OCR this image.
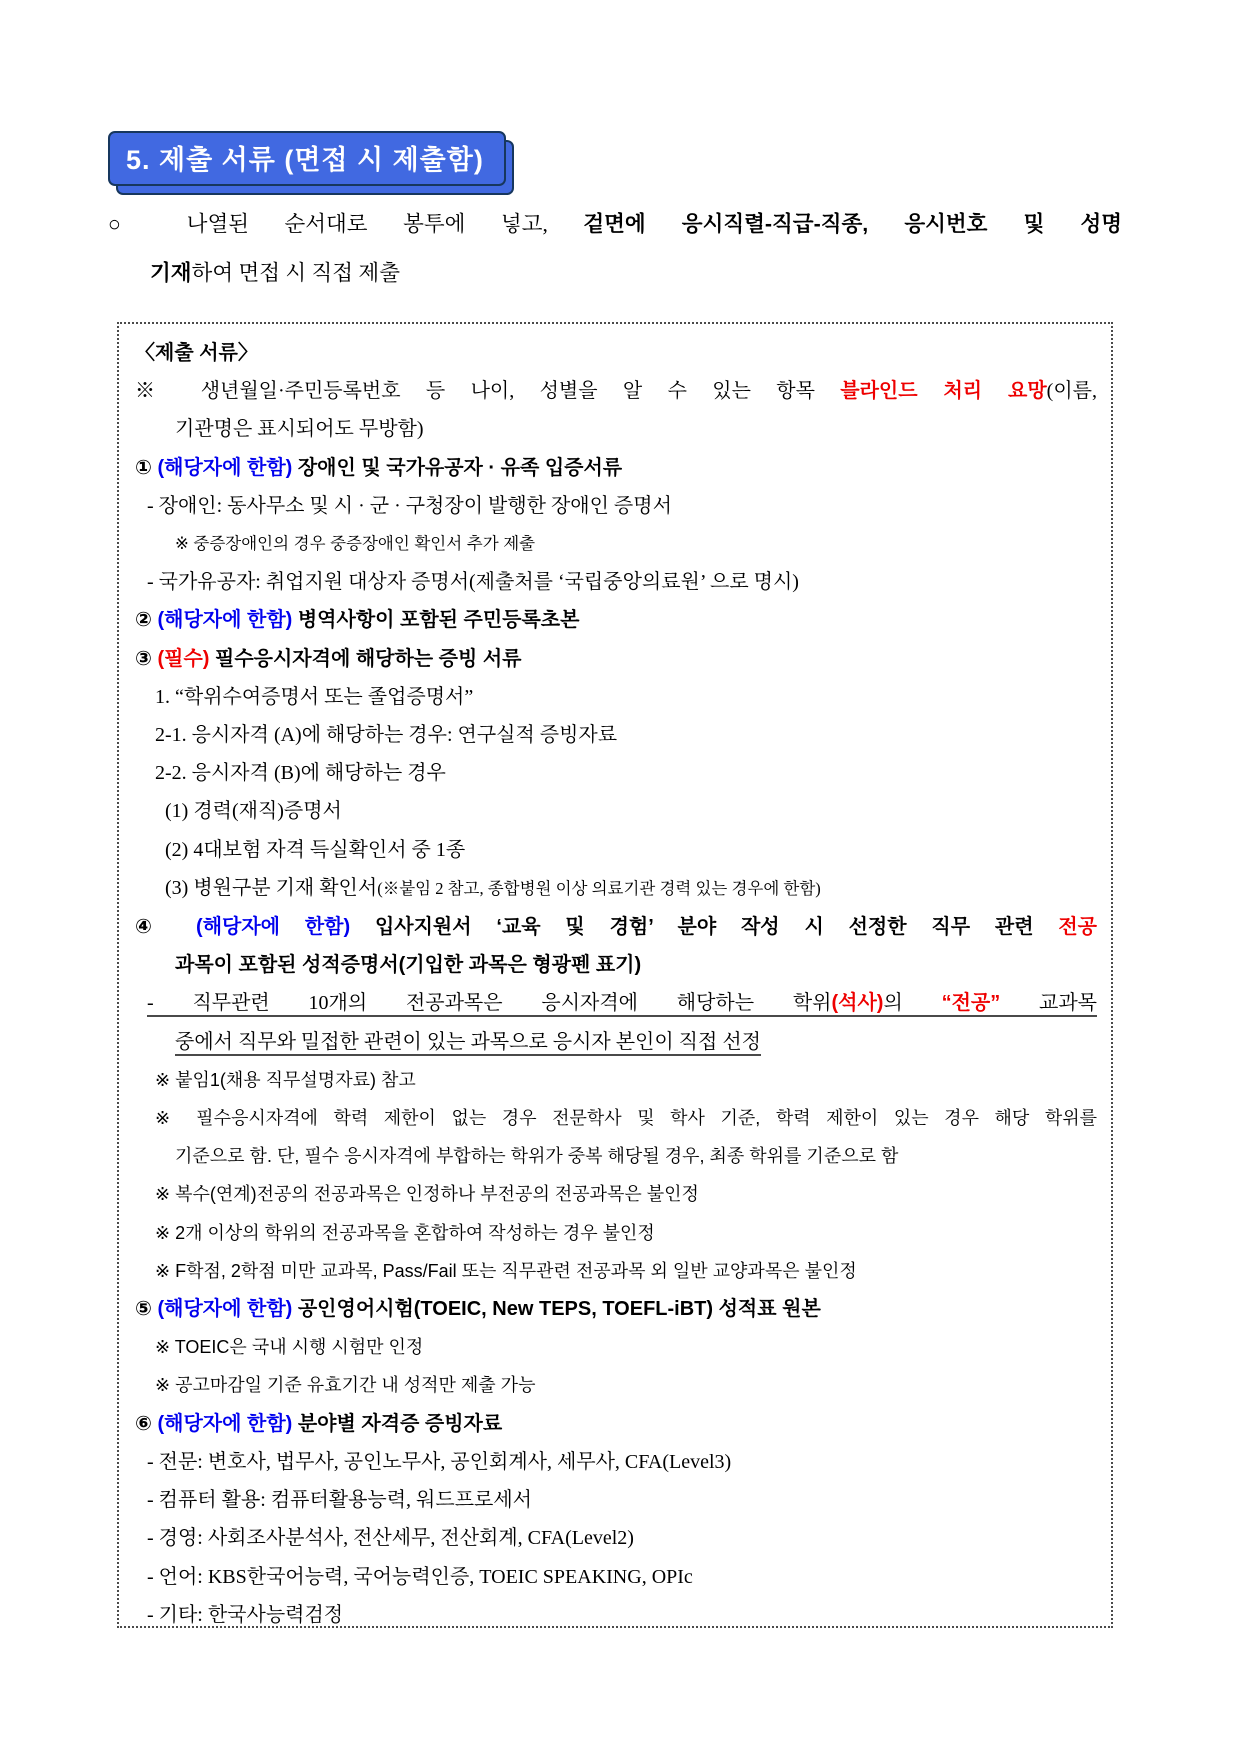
5. 제출 서류 (면접 시 제출함)
○ 나열된 순서대로 봉투에 넣고, 겉면에 응시직렬-직급-직종, 응시번호 및 성명
기재하여 면접 시 직접 제출
〈제출 서류〉
※ 생년월일·주민등록번호 등 나이, 성별을 알 수 있는 항목 블라인드 처리 요망(이름,
기관명은 표시되어도 무방함)
① (해당자에 한함) 장애인 및 국가유공자 · 유족 입증서류
- 장애인: 동사무소 및 시 · 군 · 구청장이 발행한 장애인 증명서
※ 중증장애인의 경우 중증장애인 확인서 추가 제출
- 국가유공자: 취업지원 대상자 증명서(제출처를 ‘국립중앙의료원’ 으로 명시)
② (해당자에 한함) 병역사항이 포함된 주민등록초본
③ (필수) 필수응시자격에 해당하는 증빙 서류
1. “학위수여증명서 또는 졸업증명서”
2-1. 응시자격 (A)에 해당하는 경우: 연구실적 증빙자료
2-2. 응시자격 (B)에 해당하는 경우
(1) 경력(재직)증명서
(2) 4대보험 자격 득실확인서 중 1종
(3) 병원구분 기재 확인서(※붙임 2 참고, 종합병원 이상 의료기관 경력 있는 경우에 한함)
④ (해당자에 한함) 입사지원서 ‘교육 및 경험’ 분야 작성 시 선정한 직무 관련 전공
과목이 포함된 성적증명서(기입한 과목은 형광펜 표기)
- 직무관련 10개의 전공과목은 응시자격에 해당하는 학위(석사)의 “전공” 교과목
중에서 직무와 밀접한 관련이 있는 과목으로 응시자 본인이 직접 선정
※ 붙임1(채용 직무설명자료) 참고
※ 필수응시자격에 학력 제한이 없는 경우 전문학사 및 학사 기준, 학력 제한이 있는 경우 해당 학위를
기준으로 함. 단, 필수 응시자격에 부합하는 학위가 중복 해당될 경우, 최종 학위를 기준으로 함
※ 복수(연계)전공의 전공과목은 인정하나 부전공의 전공과목은 불인정
※ 2개 이상의 학위의 전공과목을 혼합하여 작성하는 경우 불인정
※ F학점, 2학점 미만 교과목, Pass/Fail 또는 직무관련 전공과목 외 일반 교양과목은 불인정
⑤ (해당자에 한함) 공인영어시험(TOEIC, New TEPS, TOEFL-iBT) 성적표 원본
※ TOEIC은 국내 시행 시험만 인정
※ 공고마감일 기준 유효기간 내 성적만 제출 가능
⑥ (해당자에 한함) 분야별 자격증 증빙자료
- 전문: 변호사, 법무사, 공인노무사, 공인회계사, 세무사, CFA(Level3)
- 컴퓨터 활용: 컴퓨터활용능력, 워드프로세서
- 경영: 사회조사분석사, 전산세무, 전산회계, CFA(Level2)
- 언어: KBS한국어능력, 국어능력인증, TOEIC SPEAKING, OPIc
- 기타: 한국사능력검정
